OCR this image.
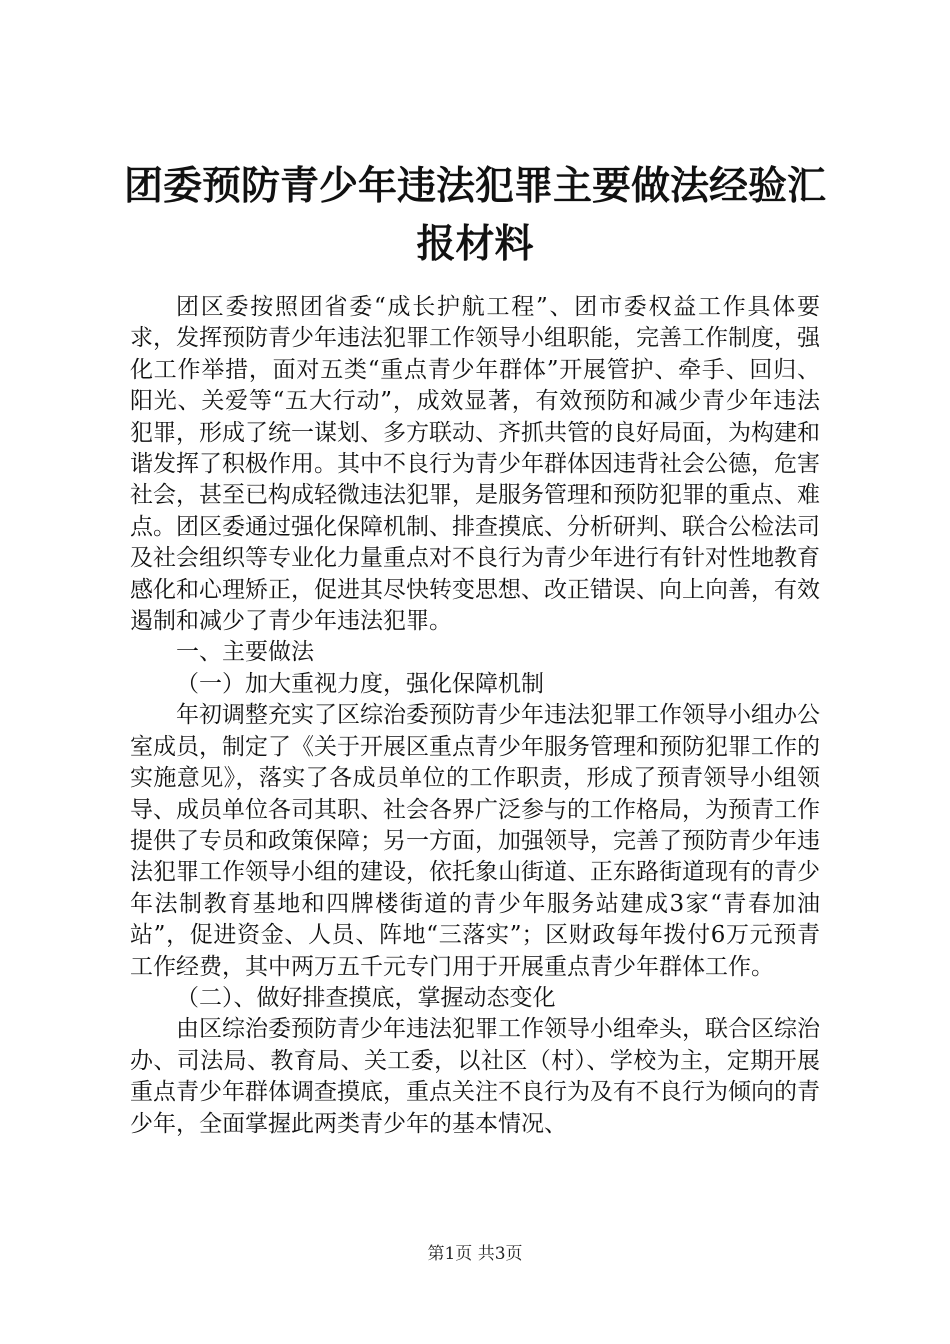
团委预防青少年违法犯罪主要做法经验汇报材料

团区委按照团省委“成长护航工程”、团市委权益工作具体要求，发挥预防青少年违法犯罪工作领导小组职能，完善工作制度，强化工作举措，面对五类“重点青少年群体”开展管护、牵手、回归、阳光、关爱等“五大行动”，成效显著，有效预防和减少青少年违法犯罪，形成了统一谋划、多方联动、齐抓共管的良好局面，为构建和谐发挥了积极作用。其中不良行为青少年群体因违背社会公德，危害社会，甚至已构成轻微违法犯罪，是服务管理和预防犯罪的重点、难点。团区委通过强化保障机制、排查摸底、分析研判、联合公检法司及社会组织等专业化力量重点对不良行为青少年进行有针对性地教育感化和心理矫正，促进其尽快转变思想、改正错误、向上向善，有效遏制和减少了青少年违法犯罪。

一、主要做法

（一）加大重视力度，强化保障机制

年初调整充实了区综治委预防青少年违法犯罪工作领导小组办公室成员，制定了《关于开展区重点青少年服务管理和预防犯罪工作的实施意见》，落实了各成员单位的工作职责，形成了预青领导小组领导、成员单位各司其职、社会各界广泛参与的工作格局，为预青工作提供了专员和政策保障；另一方面，加强领导，完善了预防青少年违法犯罪工作领导小组的建设，依托象山街道、正东路街道现有的青少年法制教育基地和四牌楼街道的青少年服务站建成3家“青春加油站”，促进资金、人员、阵地“三落实”；区财政每年拨付6万元预青工作经费，其中两万五千元专门用于开展重点青少年群体工作。

（二）、做好排查摸底，掌握动态变化

由区综治委预防青少年违法犯罪工作领导小组牵头，联合区综治办、司法局、教育局、关工委，以社区（村）、学校为主，定期开展重点青少年群体调查摸底，重点关注不良行为及有不良行为倾向的青少年，全面掌握此两类青少年的基本情况、

第1页 共3页
